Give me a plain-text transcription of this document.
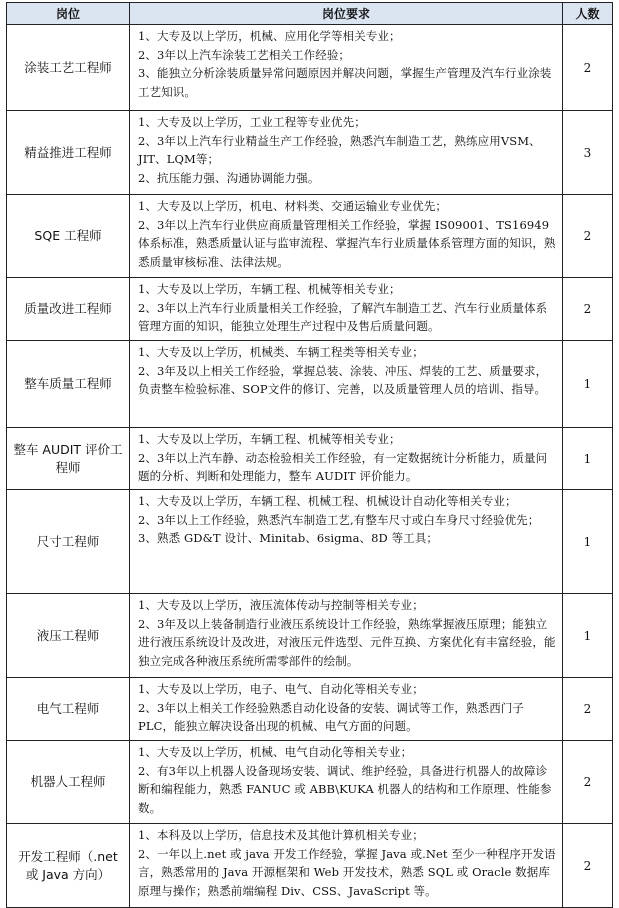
岗位	岗位要求	人数
涂装工艺工程师	1、大专及以上学历，机械、应用化学等相关专业；
2、3年以上汽车涂装工艺相关工作经验；
3、能独立分析涂装质量异常问题原因并解决问题，掌握生产管理及汽车行业涂装工艺知识。	2
精益推进工程师	1、大专及以上学历，工业工程等专业优先；
2、3年以上汽车行业精益生产工作经验，熟悉汽车制造工艺，熟练应用VSM、JIT、LQM等；
2、抗压能力强、沟通协调能力强。	3
SQE 工程师	1、大专及以上学历，机电、材料类、交通运输业专业优先；
2、3年以上汽车行业供应商质量管理相关工作经验，掌握 IS09001、TS16949 体系标准，熟悉质量认证与监审流程、掌握汽车行业质量体系管理方面的知识，熟悉质量审核标准、法律法规。	2
质量改进工程师	1、大专及以上学历，车辆工程、机械等相关专业；
2、3年以上汽车行业质量相关工作经验，了解汽车制造工艺、汽车行业质量体系管理方面的知识，能独立处理生产过程中及售后质量问题。	2
整车质量工程师	1、大专及以上学历，机械类、车辆工程类等相关专业；
2、3年及以上相关工作经验，掌握总装、涂装、冲压、焊装的工艺、质量要求，负责整车检验标准、SOP文件的修订、完善，以及质量管理人员的培训、指导。	1
整车 AUDIT 评价工程师	1、大专及以上学历，车辆工程、机械等相关专业；
2、3年以上汽车静、动态检验相关工作经验，有一定数据统计分析能力，质量问题的分析、判断和处理能力，整车 AUDIT 评价能力。	1
尺寸工程师	1、大专及以上学历，车辆工程、机械工程、机械设计自动化等相关专业；
2、3年以上工作经验，熟悉汽车制造工艺,有整车尺寸或白车身尺寸经验优先；
3、熟悉 GD&T 设计、Minitab、6sigma、8D 等工具；	1
液压工程师	1、大专及以上学历，液压流体传动与控制等相关专业；
2、3年及以上装备制造行业液压系统设计工作经验，熟练掌握液压原理；能独立进行液压系统设计及改进，对液压元件选型、元件互换、方案优化有丰富经验，能独立完成各种液压系统所需零部件的绘制。	1
电气工程师	1、大专及以上学历，电子、电气、自动化等相关专业；
2、3年以上相关工作经验熟悉自动化设备的安装、调试等工作，熟悉西门子 PLC，能独立解决设备出现的机械、电气方面的问题。	2
机器人工程师	1、大专及以上学历，机械、电气自动化等相关专业；
2、有3年以上机器人设备现场安装、调试、维护经验，具备进行机器人的故障诊断和编程能力，熟悉 FANUC 或 ABB\KUKA 机器人的结构和工作原理、性能参数。	2
开发工程师（.net 或 Java 方向）	1、本科及以上学历，信息技术及其他计算机相关专业；
2、一年以上.net 或 java 开发工作经验，掌握 Java 或.Net 至少一种程序开发语言，熟悉常用的 Java 开源框架和 Web 开发技术，熟悉 SQL 或 Oracle 数据库原理与操作；熟悉前端编程 Div、CSS、JavaScript 等。	2
